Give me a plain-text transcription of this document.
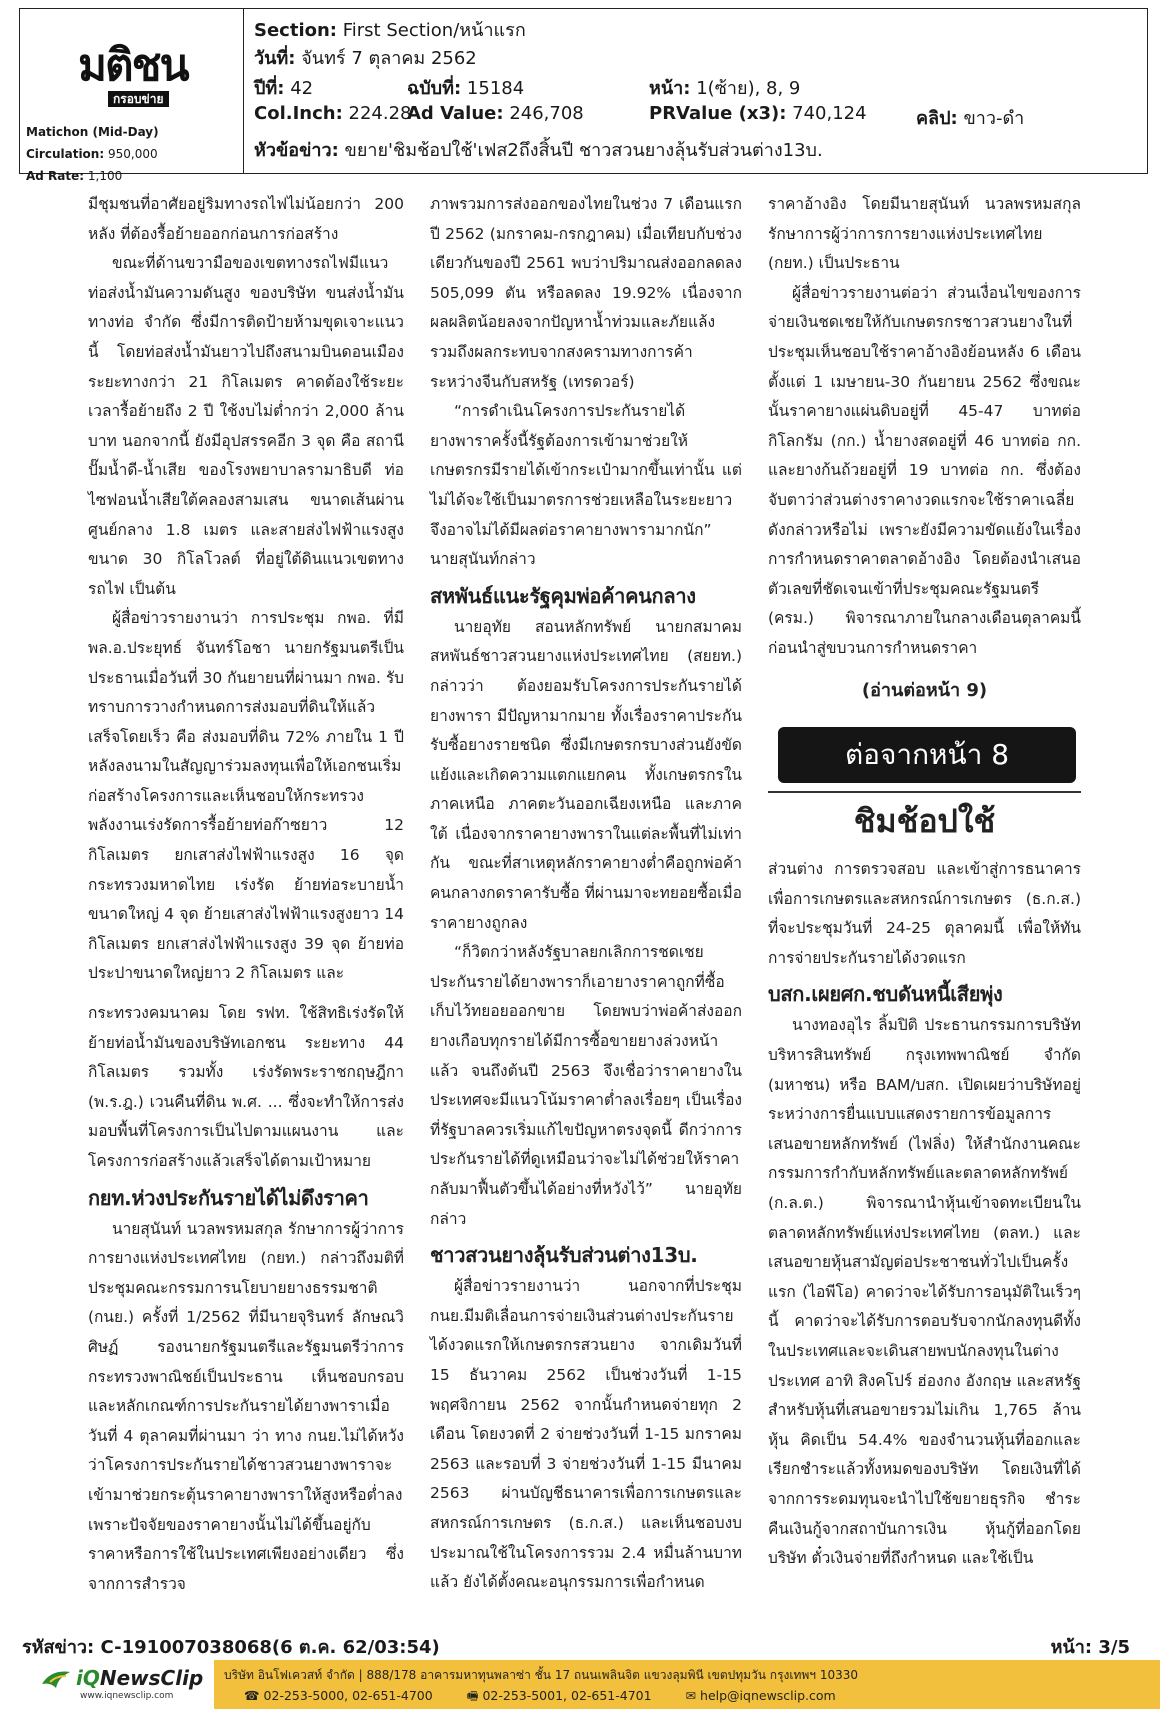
มติชน
กรอบข่าย
Matichon (Mid-Day)
Circulation: 950,000
Ad Rate: 1,100
Section: First Section/หน้าแรก
วันที่: จันทร์ 7 ตุลาคม 2562
ปีที่: 42	ฉบับที่: 15184	หน้า: 1(ซ้าย), 8, 9
Col.Inch: 224.28
Ad Value: 246,708	PRValue (x3): 740,124	คลิป: ขาว-ดำ
หัวข้อข่าว: ขยาย'ชิมช้อปใช้'เฟส2ถึงสิ้นปี ชาวสวนยางลุ้นรับส่วนต่าง13บ.

มีชุมชนที่อาศัยอยู่ริมทางรถไฟไม่น้อยกว่า 200 หลัง ที่ต้องรื้อย้ายออกก่อนการก่อสร้าง

ขณะที่ด้านขวามือของเขตทางรถไฟมีแนวท่อส่งน้ำมันความดันสูง ของบริษัท ขนส่งน้ำมันทางท่อ จำกัด ซึ่งมีการติดป้ายห้ามขุดเจาะแนวนี้ โดยท่อส่งน้ำมันยาวไปถึงสนามบินดอนเมือง ระยะทางกว่า 21 กิโลเมตร คาดต้องใช้ระยะเวลารื้อย้ายถึง 2 ปี ใช้งบไม่ต่ำกว่า 2,000 ล้านบาท นอกจากนี้ ยังมีอุปสรรคอีก 3 จุด คือ สถานีปั๊มน้ำดี-น้ำเสีย ของโรงพยาบาลรามาธิบดี ท่อไซฟอนน้ำเสียใต้คลองสามเสน ขนาดเส้นผ่านศูนย์กลาง 1.8 เมตร และสายส่งไฟฟ้าแรงสูงขนาด 30 กิโลโวลต์ ที่อยู่ใต้ดินแนวเขตทางรถไฟ เป็นต้น

ผู้สื่อข่าวรายงานว่า การประชุม กพอ. ที่มี พล.อ.ประยุทธ์ จันทร์โอชา นายกรัฐมนตรีเป็นประธานเมื่อวันที่ 30 กันยายนที่ผ่านมา กพอ. รับทราบการวางกำหนดการส่งมอบที่ดินให้แล้วเสร็จโดยเร็ว คือ ส่งมอบที่ดิน 72% ภายใน 1 ปี หลังลงนามในสัญญาร่วมลงทุนเพื่อให้เอกชนเริ่มก่อสร้างโครงการและเห็นชอบให้กระทรวงพลังงานเร่งรัดการรื้อย้ายท่อก๊าซยาว 12 กิโลเมตร ยกเสาส่งไฟฟ้าแรงสูง 16 จุด กระทรวงมหาดไทย เร่งรัด ย้ายท่อระบายน้ำขนาดใหญ่ 4 จุด ย้ายเสาส่งไฟฟ้าแรงสูงยาว 14 กิโลเมตร ยกเสาส่งไฟฟ้าแรงสูง 39 จุด ย้ายท่อประปาขนาดใหญ่ยาว 2 กิโลเมตร และ

กระทรวงคมนาคม โดย รฟท. ใช้สิทธิเร่งรัดให้ย้ายท่อน้ำมันของบริษัทเอกชน ระยะทาง 44 กิโลเมตร รวมทั้ง เร่งรัดพระราชกฤษฎีกา (พ.ร.ฎ.) เวนคืนที่ดิน พ.ศ. ... ซึ่งจะทำให้การส่งมอบพื้นที่โครงการเป็นไปตามแผนงาน และโครงการก่อสร้างแล้วเสร็จได้ตามเป้าหมาย

กยท.ห่วงประกันรายได้ไม่ดึงราคา

นายสุนันท์ นวลพรหมสกุล รักษาการผู้ว่าการการยางแห่งประเทศไทย (กยท.) กล่าวถึงมติที่ประชุมคณะกรรมการนโยบายยางธรรมชาติ (กนย.) ครั้งที่ 1/2562 ที่มีนายจุรินทร์ ลักษณวิศิษฏ์ รองนายกรัฐมนตรีและรัฐมนตรีว่าการกระทรวงพาณิชย์เป็นประธาน เห็นชอบกรอบและหลักเกณฑ์การประกันรายได้ยางพาราเมื่อวันที่ 4 ตุลาคมที่ผ่านมา ว่า ทาง กนย.ไม่ได้หวังว่าโครงการประกันรายได้ชาวสวนยางพาราจะเข้ามาช่วยกระตุ้นราคายางพาราให้สูงหรือต่ำลง เพราะปัจจัยของราคายางนั้นไม่ได้ขึ้นอยู่กับราคาหรือการใช้ในประเทศเพียงอย่างเดียว ซึ่งจากการสำรวจ

ภาพรวมการส่งออกของไทยในช่วง 7 เดือนแรก ปี 2562 (มกราคม-กรกฎาคม) เมื่อเทียบกับช่วงเดียวกันของปี 2561 พบว่าปริมาณส่งออกลดลง 505,099 ตัน หรือลดลง 19.92% เนื่องจากผลผลิตน้อยลงจากปัญหาน้ำท่วมและภัยแล้ง รวมถึงผลกระทบจากสงครามทางการค้าระหว่างจีนกับสหรัฐ (เทรดวอร์)

“การดำเนินโครงการประกันรายได้ยางพาราครั้งนี้รัฐต้องการเข้ามาช่วยให้เกษตรกรมีรายได้เข้ากระเป๋ามากขึ้นเท่านั้น แต่ไม่ได้จะใช้เป็นมาตรการช่วยเหลือในระยะยาว จึงอาจไม่ได้มีผลต่อราคายางพารามากนัก” นายสุนันท์กล่าว

สหพันธ์แนะรัฐคุมพ่อค้าคนกลาง

นายอุทัย สอนหลักทรัพย์ นายกสมาคมสหพันธ์ชาวสวนยางแห่งประเทศไทย (สยยท.) กล่าวว่า ต้องยอมรับโครงการประกันรายได้ยางพารา มีปัญหามากมาย ทั้งเรื่องราคาประกันรับซื้อยางรายชนิด ซึ่งมีเกษตรกรบางส่วนยังขัดแย้งและเกิดความแตกแยกคน ทั้งเกษตรกรในภาคเหนือ ภาคตะวันออกเฉียงเหนือ และภาคใต้ เนื่องจากราคายางพาราในแต่ละพื้นที่ไม่เท่ากัน ขณะที่สาเหตุหลักราคายางต่ำคือถูกพ่อค้าคนกลางกดราคารับซื้อ ที่ผ่านมาจะทยอยซื้อเมื่อราคายางถูกลง

“ก็วิตกว่าหลังรัฐบาลยกเลิกการชดเชยประกันรายได้ยางพาราก็เอายางราคาถูกที่ซื้อเก็บไว้ทยอยออกขาย โดยพบว่าพ่อค้าส่งออกยางเกือบทุกรายได้มีการซื้อขายยางล่วงหน้าแล้ว จนถึงต้นปี 2563 จึงเชื่อว่าราคายางในประเทศจะมีแนวโน้มราคาต่ำลงเรื่อยๆ เป็นเรื่องที่รัฐบาลควรเริ่มแก้ไขปัญหาตรงจุดนี้ ดีกว่าการประกันรายได้ที่ดูเหมือนว่าจะไม่ได้ช่วยให้ราคากลับมาฟื้นตัวขึ้นได้อย่างที่หวังไว้” นายอุทัยกล่าว

ชาวสวนยางลุ้นรับส่วนต่าง13บ.

ผู้สื่อข่าวรายงานว่า นอกจากที่ประชุม กนย.มีมติเลื่อนการจ่ายเงินส่วนต่างประกันรายได้งวดแรกให้เกษตรกรสวนยาง จากเดิมวันที่ 15 ธันวาคม 2562 เป็นช่วงวันที่ 1-15 พฤศจิกายน 2562 จากนั้นกำหนดจ่ายทุก 2 เดือน โดยงวดที่ 2 จ่ายช่วงวันที่ 1-15 มกราคม 2563 และรอบที่ 3 จ่ายช่วงวันที่ 1-15 มีนาคม 2563 ผ่านบัญชีธนาคารเพื่อการเกษตรและสหกรณ์การเกษตร (ธ.ก.ส.) และเห็นชอบงบประมาณใช้ในโครงการรวม 2.4 หมื่นล้านบาท แล้ว ยังได้ตั้งคณะอนุกรรมการเพื่อกำหนด

ราคาอ้างอิง โดยมีนายสุนันท์ นวลพรหมสกุล รักษาการผู้ว่าการการยางแห่งประเทศไทย (กยท.) เป็นประธาน

ผู้สื่อข่าวรายงานต่อว่า ส่วนเงื่อนไขของการจ่ายเงินชดเชยให้กับเกษตรกรชาวสวนยางในที่ประชุมเห็นชอบใช้ราคาอ้างอิงย้อนหลัง 6 เดือน ตั้งแต่ 1 เมษายน-30 กันยายน 2562 ซึ่งขณะนั้นราคายางแผ่นดิบอยู่ที่ 45-47 บาทต่อกิโลกรัม (กก.) น้ำยางสดอยู่ที่ 46 บาทต่อ กก. และยางก้นถ้วยอยู่ที่ 19 บาทต่อ กก. ซึ่งต้องจับตาว่าส่วนต่างราคางวดแรกจะใช้ราคาเฉลี่ยดังกล่าวหรือไม่ เพราะยังมีความขัดแย้งในเรื่องการกำหนดราคาตลาดอ้างอิง โดยต้องนำเสนอตัวเลขที่ชัดเจนเข้าที่ประชุมคณะรัฐมนตรี (ครม.) พิจารณาภายในกลางเดือนตุลาคมนี้ ก่อนนำสู่ขบวนการกำหนดราคา

(อ่านต่อหน้า 9)
ต่อจากหน้า 8
ชิมช้อปใช้

ส่วนต่าง การตรวจสอบ และเข้าสู่การธนาคารเพื่อการเกษตรและสหกรณ์การเกษตร (ธ.ก.ส.) ที่จะประชุมวันที่ 24-25 ตุลาคมนี้ เพื่อให้ทันการจ่ายประกันรายได้งวดแรก

บสก.เผยศก.ชบดันหนี้เสียพุ่ง

นางทองอุไร ลิ้มปิติ ประธานกรรมการบริษัท บริหารสินทรัพย์ กรุงเทพพาณิชย์ จำกัด (มหาชน) หรือ BAM/บสก. เปิดเผยว่าบริษัทอยู่ระหว่างการยื่นแบบแสดงรายการข้อมูลการเสนอขายหลักทรัพย์ (ไฟลิ่ง) ให้สำนักงานคณะกรรมการกำกับหลักทรัพย์และตลาดหลักทรัพย์ (ก.ล.ต.) พิจารณานำหุ้นเข้าจดทะเบียนในตลาดหลักทรัพย์แห่งประเทศไทย (ตลท.) และเสนอขายหุ้นสามัญต่อประชาชนทั่วไปเป็นครั้งแรก (ไอพีโอ) คาดว่าจะได้รับการอนุมัติในเร็วๆ นี้ คาดว่าจะได้รับการตอบรับจากนักลงทุนดีทั้งในประเทศและจะเดินสายพบนักลงทุนในต่างประเทศ อาทิ สิงคโปร์ ฮ่องกง อังกฤษ และสหรัฐ สำหรับหุ้นที่เสนอขายรวมไม่เกิน 1,765 ล้านหุ้น คิดเป็น 54.4% ของจำนวนหุ้นที่ออกและเรียกชำระแล้วทั้งหมดของบริษัท โดยเงินที่ได้จากการระดมทุนจะนำไปใช้ขยายธุรกิจ ชำระคืนเงินกู้จากสถาบันการเงิน หุ้นกู้ที่ออกโดยบริษัท ตั๋วเงินจ่ายที่ถึงกำหนด และใช้เป็น

รหัสข่าว: C-191007038068(6 ต.ค. 62/03:54)	หน้า: 3/5
iQNewsClip
www.iqnewsclip.com
บริษัท อินโฟเควสท์ จำกัด | 888/178 อาคารมหาทุนพลาซ่า ชั้น 17 ถนนเพลินจิต แขวงลุมพินี เขตปทุมวัน กรุงเทพฯ 10330
☎ 02-253-5000, 02-651-4700	🖷 02-253-5001, 02-651-4701	✉ help@iqnewsclip.com
